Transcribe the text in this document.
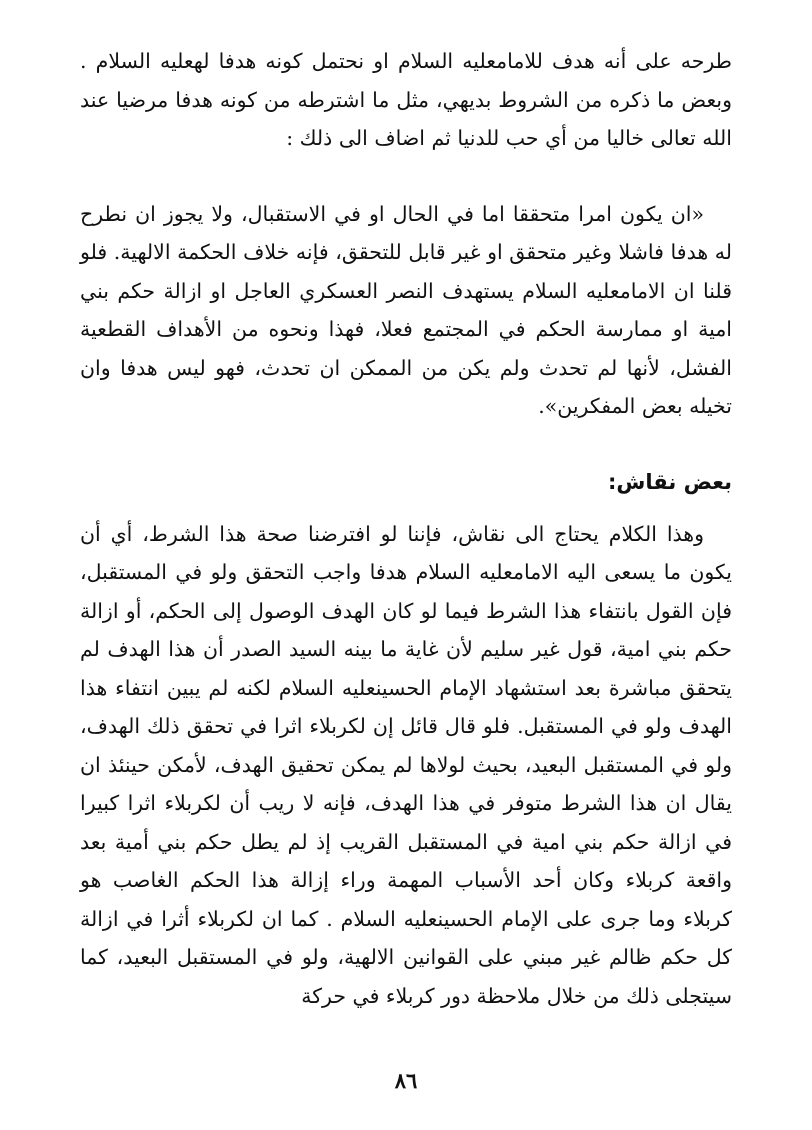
طرحه على أنه هدف للامامعليه السلام او نحتمل كونه هدفا لهعليه السلام . وبعض ما ذكره من الشروط بديهي، مثل ما اشترطه من كونه هدفا مرضيا عند الله تعالى خاليا من أي حب للدنيا ثم اضاف الى ذلك :

«ان يكون امرا متحققا اما في الحال او في الاستقبال، ولا يجوز ان نطرح له هدفا فاشلا وغير متحقق او غير قابل للتحقق، فإنه خلاف الحكمة الالهية. فلو قلنا ان الامامعليه السلام يستهدف النصر العسكري العاجل او ازالة حكم بني امية او ممارسة الحكم في المجتمع فعلا، فهذا ونحوه من الأهداف القطعية الفشل، لأنها لم تحدث ولم يكن من الممكن ان تحدث، فهو ليس هدفا وان تخيله بعض المفكرين».

بعض نقاش:

وهذا الكلام يحتاج الى نقاش، فإننا لو افترضنا صحة هذا الشرط، أي أن يكون ما يسعى اليه الامامعليه السلام هدفا واجب التحقق ولو في المستقبل، فإن القول بانتفاء هذا الشرط فيما لو كان الهدف الوصول إلى الحكم، أو ازالة حكم بني امية، قول غير سليم لأن غاية ما بينه السيد الصدر أن هذا الهدف لم يتحقق مباشرة بعد استشهاد الإمام الحسينعليه السلام لكنه لم يبين انتفاء هذا الهدف ولو في المستقبل. فلو قال قائل إن لكربلاء اثرا في تحقق ذلك الهدف، ولو في المستقبل البعيد، بحيث لولاها لم يمكن تحقيق الهدف، لأمكن حينئذ ان يقال ان هذا الشرط متوفر في هذا الهدف، فإنه لا ريب أن لكربلاء اثرا كبيرا في ازالة حكم بني امية في المستقبل القريب إذ لم يطل حكم بني أمية بعد واقعة كربلاء وكان أحد الأسباب المهمة وراء إزالة هذا الحكم الغاصب هو كربلاء وما جرى على الإمام الحسينعليه السلام . كما ان لكربلاء أثرا في ازالة كل حكم ظالم غير مبني على القوانين الالهية، ولو في المستقبل البعيد، كما سيتجلى ذلك من خلال ملاحظة دور كربلاء في حركة

٨٦
